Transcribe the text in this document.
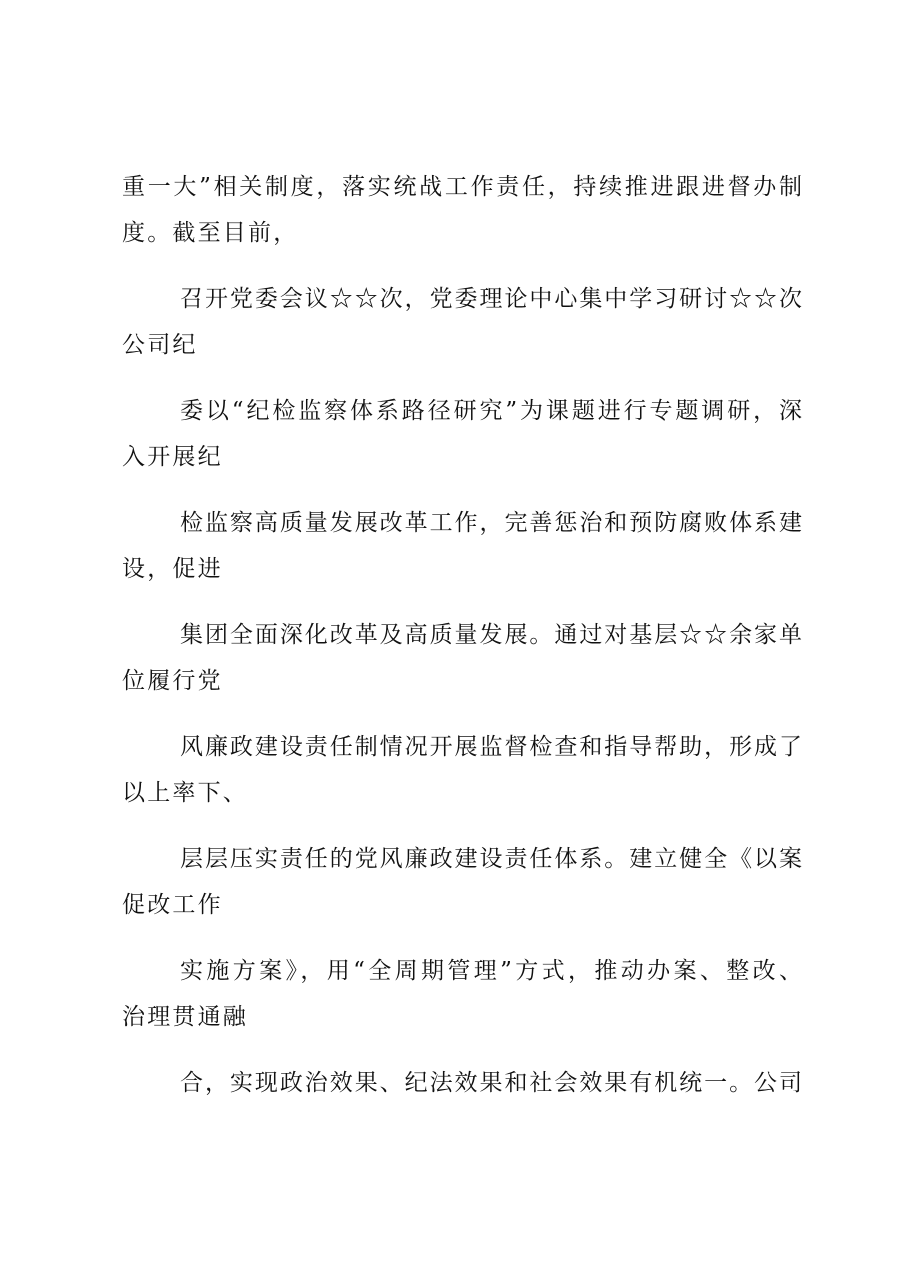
重一大”相关制度，落实统战工作责任，持续推进跟进督办制
度。截至目前，
召开党委会议☆☆次，党委理论中心集中学习研讨☆☆次
公司纪
委以“纪检监察体系路径研究”为课题进行专题调研，深
入开展纪
检监察高质量发展改革工作，完善惩治和预防腐败体系建
设，促进
集团全面深化改革及高质量发展。通过对基层☆☆余家单
位履行党
风廉政建设责任制情况开展监督检查和指导帮助，形成了
以上率下、
层层压实责任的党风廉政建设责任体系。建立健全《以案
促改工作
实施方案》，用“全周期管理”方式，推动办案、整改、
治理贯通融
合，实现政治效果、纪法效果和社会效果有机统一。公司
